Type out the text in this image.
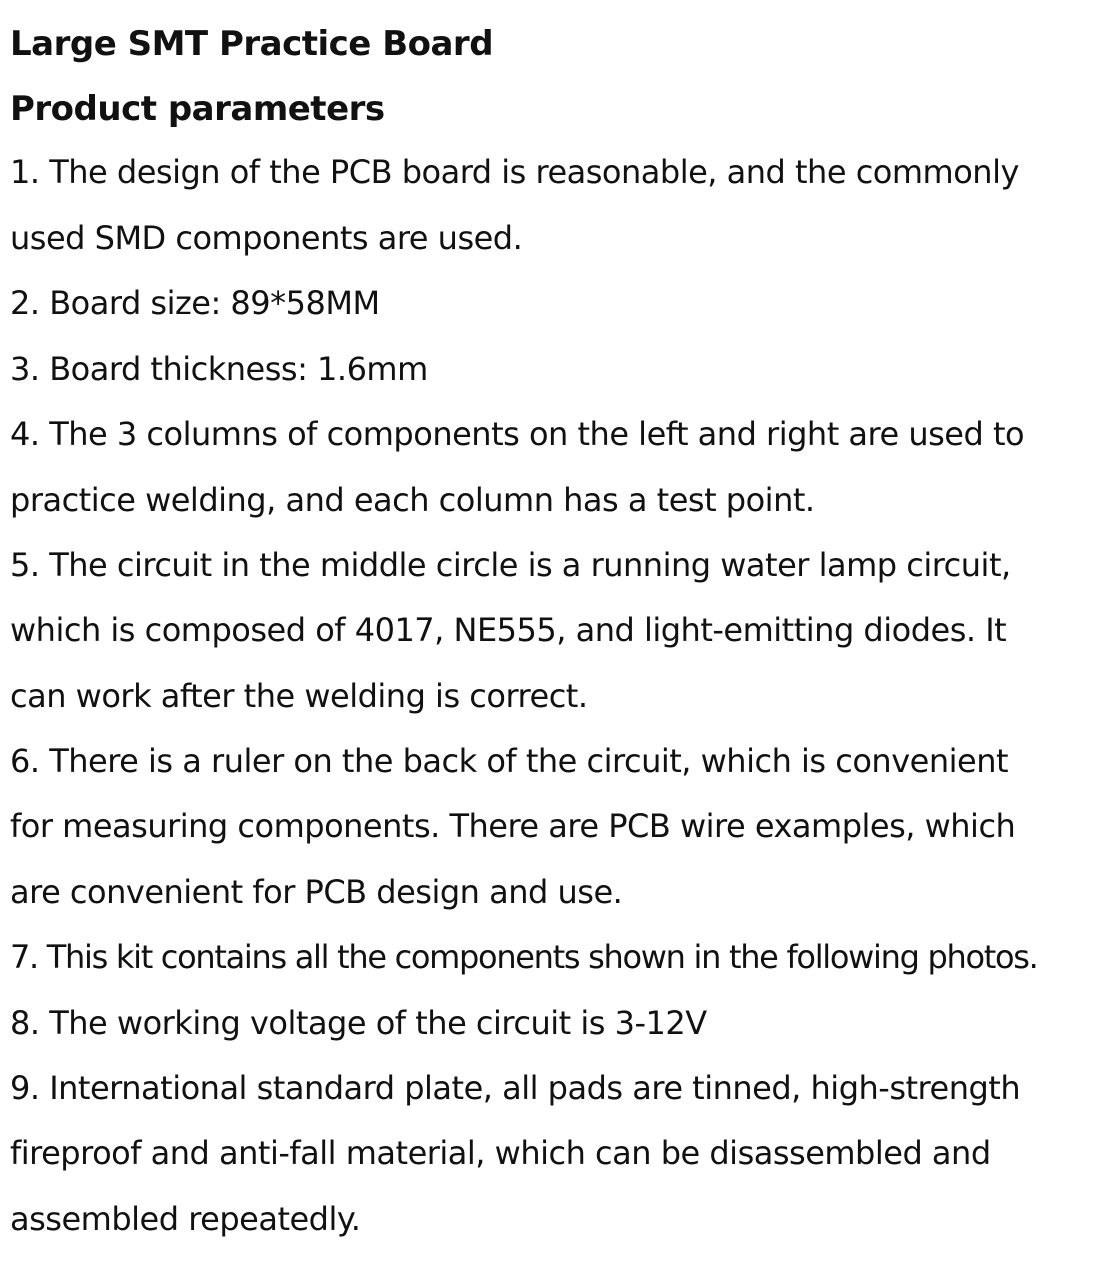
Large SMT Practice Board
Product parameters
1. The design of the PCB board is reasonable, and the commonly
used SMD components are used.
2. Board size: 89*58MM
3. Board thickness: 1.6mm
4. The 3 columns of components on the left and right are used to
practice welding, and each column has a test point.
5. The circuit in the middle circle is a running water lamp circuit,
which is composed of 4017, NE555, and light-emitting diodes. It
can work after the welding is correct.
6. There is a ruler on the back of the circuit, which is convenient
for measuring components. There are PCB wire examples, which
are convenient for PCB design and use.
7. This kit contains all the components shown in the following photos.
8. The working voltage of the circuit is 3-12V
9. International standard plate, all pads are tinned, high-strength
fireproof and anti-fall material, which can be disassembled and
assembled repeatedly.
